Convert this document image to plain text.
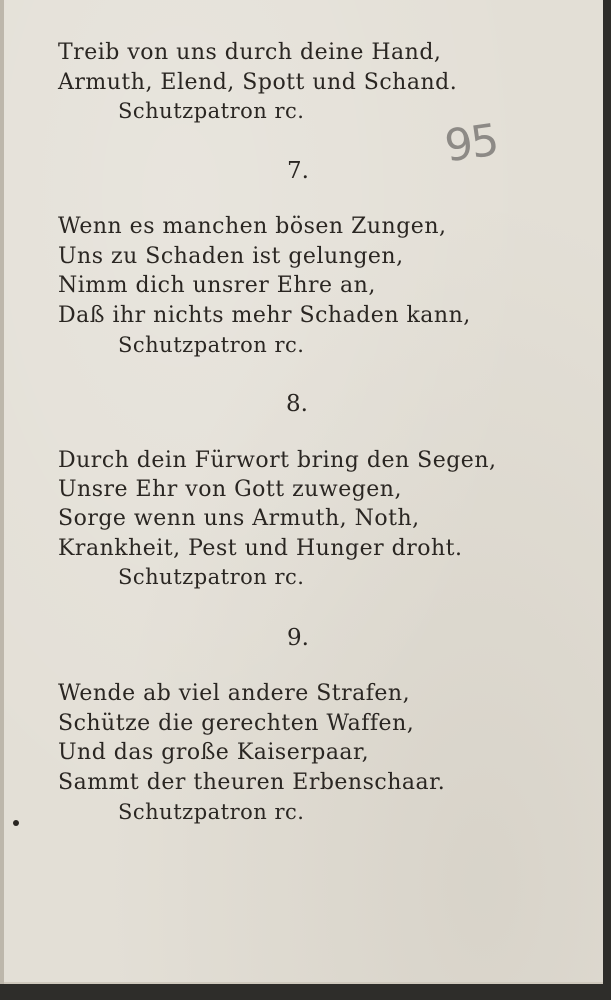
95
Treib von uns durch deine Hand,
Armuth, Elend, Spott und Schand.
Schutzpatron rc.
7.
Wenn es manchen bösen Zungen,
Uns zu Schaden ist gelungen,
Nimm dich unsrer Ehre an,
Daß ihr nichts mehr Schaden kann,
Schutzpatron rc.
8.
Durch dein Fürwort bring den Segen,
Unsre Ehr von Gott zuwegen,
Sorge wenn uns Armuth, Noth,
Krankheit, Pest und Hunger droht.
Schutzpatron rc.
9.
Wende ab viel andere Strafen,
Schütze die gerechten Waffen,
Und das große Kaiserpaar,
Sammt der theuren Erbenschaar.
Schutzpatron rc.
